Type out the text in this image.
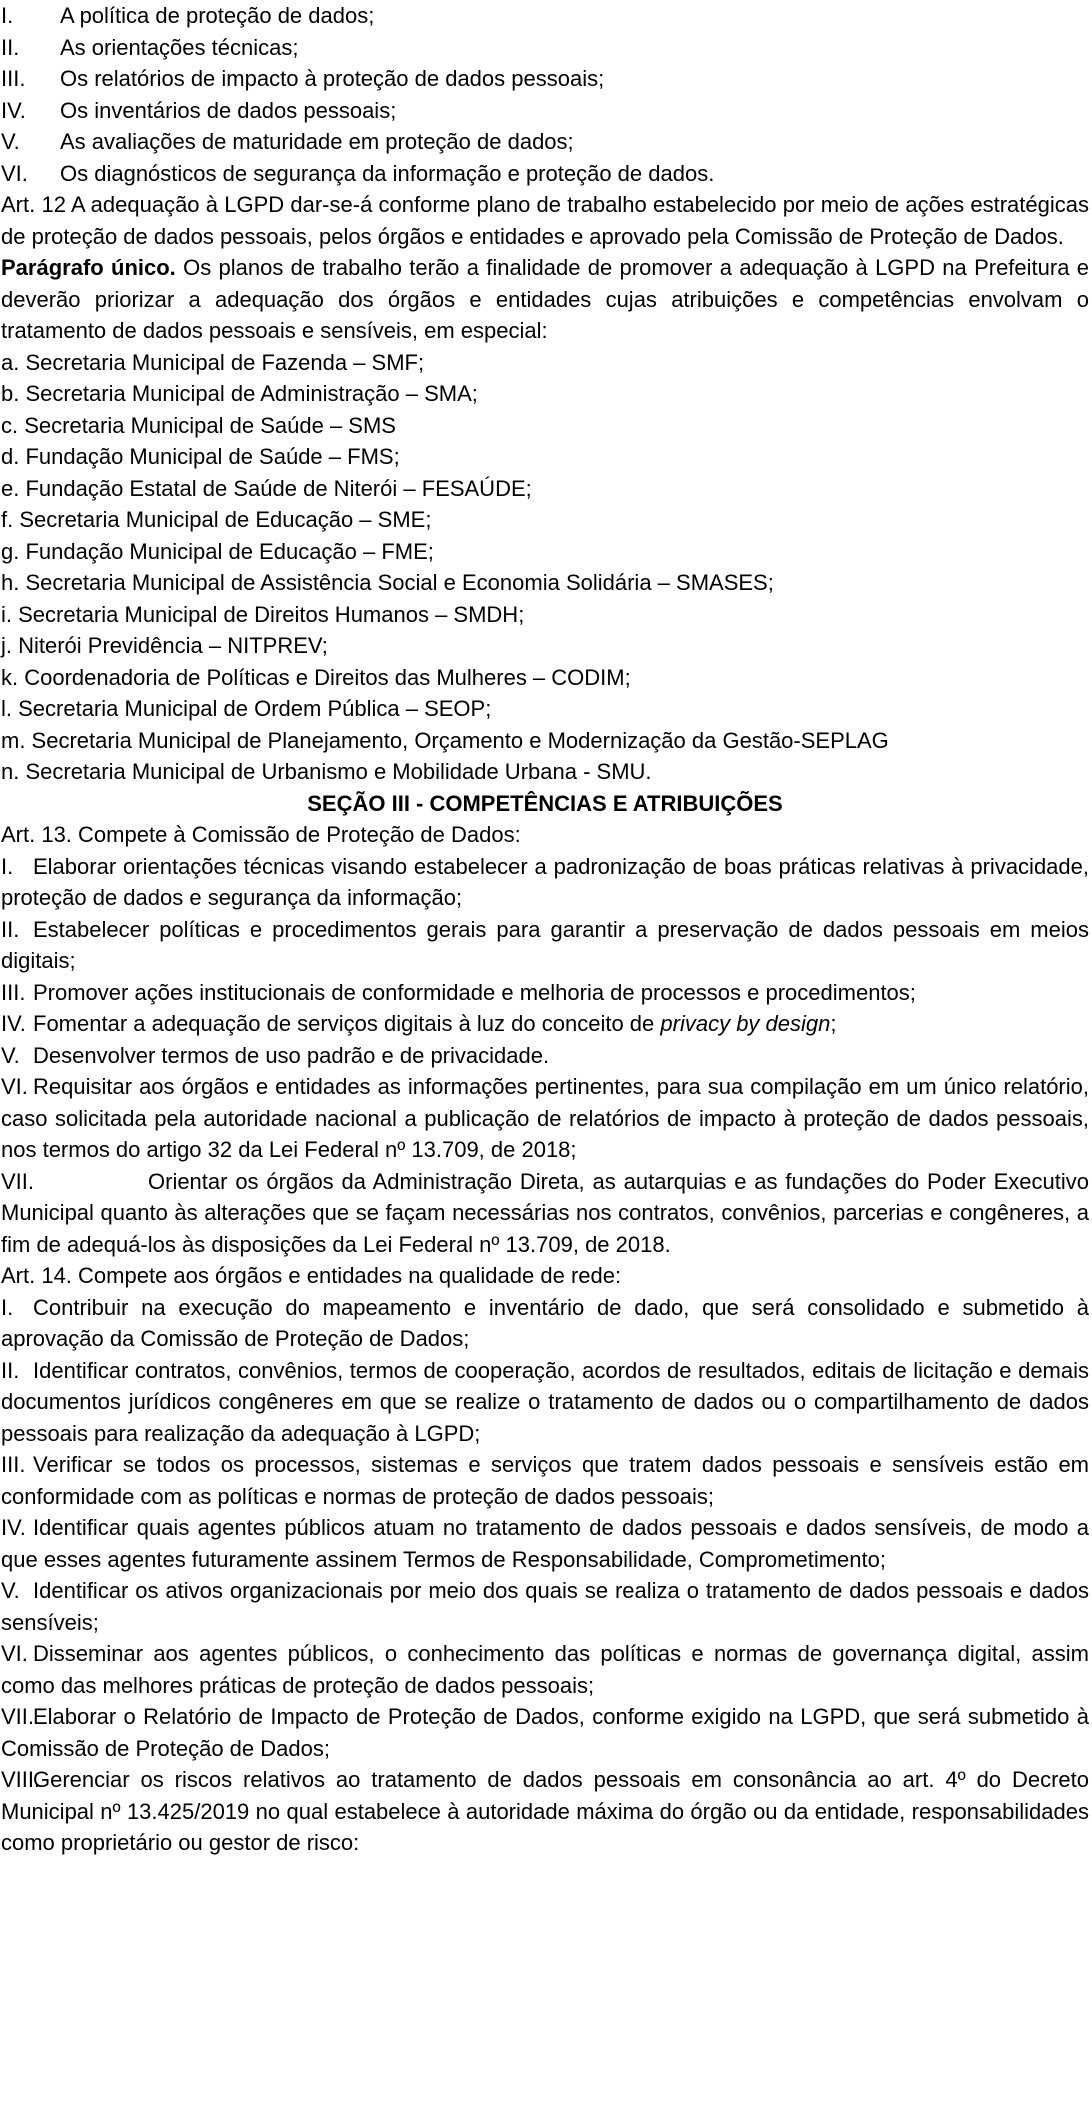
I. A política de proteção de dados;
II. As orientações técnicas;
III. Os relatórios de impacto à proteção de dados pessoais;
IV. Os inventários de dados pessoais;
V. As avaliações de maturidade em proteção de dados;
VI. Os diagnósticos de segurança da informação e proteção de dados.
Art. 12 A adequação à LGPD dar-se-á conforme plano de trabalho estabelecido por meio de ações estratégicas de proteção de dados pessoais, pelos órgãos e entidades e aprovado pela Comissão de Proteção de Dados.
Parágrafo único. Os planos de trabalho terão a finalidade de promover a adequação à LGPD na Prefeitura e deverão priorizar a adequação dos órgãos e entidades cujas atribuições e competências envolvam o tratamento de dados pessoais e sensíveis, em especial:
a. Secretaria Municipal de Fazenda – SMF;
b. Secretaria Municipal de Administração – SMA;
c. Secretaria Municipal de Saúde – SMS
d. Fundação Municipal de Saúde – FMS;
e. Fundação Estatal de Saúde de Niterói – FESAÚDE;
f. Secretaria Municipal de Educação – SME;
g. Fundação Municipal de Educação – FME;
h. Secretaria Municipal de Assistência Social e Economia Solidária – SMASES;
i. Secretaria Municipal de Direitos Humanos – SMDH;
j. Niterói Previdência – NITPREV;
k. Coordenadoria de Políticas e Direitos das Mulheres – CODIM;
l. Secretaria Municipal de Ordem Pública – SEOP;
m. Secretaria Municipal de Planejamento, Orçamento e Modernização da Gestão-SEPLAG
n. Secretaria Municipal de Urbanismo e Mobilidade Urbana - SMU.
SEÇÃO III - COMPETÊNCIAS E ATRIBUIÇÕES
Art. 13. Compete à Comissão de Proteção de Dados:
I. Elaborar orientações técnicas visando estabelecer a padronização de boas práticas relativas à privacidade, proteção de dados e segurança da informação;
II. Estabelecer políticas e procedimentos gerais para garantir a preservação de dados pessoais em meios digitais;
III. Promover ações institucionais de conformidade e melhoria de processos e procedimentos;
IV. Fomentar a adequação de serviços digitais à luz do conceito de privacy by design;
V. Desenvolver termos de uso padrão e de privacidade.
VI. Requisitar aos órgãos e entidades as informações pertinentes, para sua compilação em um único relatório, caso solicitada pela autoridade nacional a publicação de relatórios de impacto à proteção de dados pessoais, nos termos do artigo 32 da Lei Federal nº 13.709, de 2018;
VII.	Orientar os órgãos da Administração Direta, as autarquias e as fundações do Poder Executivo Municipal quanto às alterações que se façam necessárias nos contratos, convênios, parcerias e congêneres, a fim de adequá-los às disposições da Lei Federal nº 13.709, de 2018.
Art. 14. Compete aos órgãos e entidades na qualidade de rede:
I. Contribuir na execução do mapeamento e inventário de dado, que será consolidado e submetido à aprovação da Comissão de Proteção de Dados;
II. Identificar contratos, convênios, termos de cooperação, acordos de resultados, editais de licitação e demais documentos jurídicos congêneres em que se realize o tratamento de dados ou o compartilhamento de dados pessoais para realização da adequação à LGPD;
III. Verificar se todos os processos, sistemas e serviços que tratem dados pessoais e sensíveis estão em conformidade com as políticas e normas de proteção de dados pessoais;
IV. Identificar quais agentes públicos atuam no tratamento de dados pessoais e dados sensíveis, de modo a que esses agentes futuramente assinem Termos de Responsabilidade, Comprometimento;
V. Identificar os ativos organizacionais por meio dos quais se realiza o tratamento de dados pessoais e dados sensíveis;
VI. Disseminar aos agentes públicos, o conhecimento das políticas e normas de governança digital, assim como das melhores práticas de proteção de dados pessoais;
VII.Elaborar o Relatório de Impacto de Proteção de Dados, conforme exigido na LGPD, que será submetido à Comissão de Proteção de Dados;
VIII.Gerenciar os riscos relativos ao tratamento de dados pessoais em consonância ao art. 4º do Decreto Municipal nº 13.425/2019 no qual estabelece à autoridade máxima do órgão ou da entidade, responsabilidades como proprietário ou gestor de risco:
